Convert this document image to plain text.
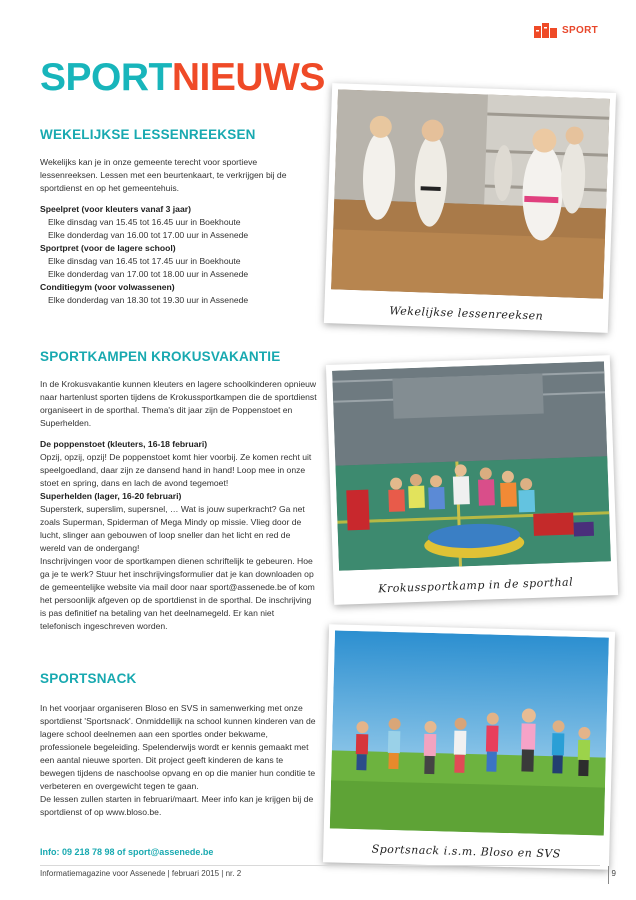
SPORT
SPORTNIEUWS
WEKELIJKSE LESSENREEKSEN

Wekelijks kan je in onze gemeente terecht voor sportieve lessenreeksen. Lessen met een beurtenkaart, te verkrijgen bij de sportdienst en op het gemeentehuis.

Speelpret (voor kleuters vanaf 3 jaar)

Elke dinsdag van 15.45 tot 16.45 uur in Boekhoute

Elke donderdag van 16.00 tot 17.00 uur in Assenede

Sportpret (voor de lagere school)

Elke dinsdag van 16.45 tot 17.45 uur in Boekhoute

Elke donderdag van 17.00 tot 18.00 uur in Assenede

Conditiegym (voor volwassenen)

Elke donderdag van 18.30 tot 19.30 uur in Assenede

SPORTKAMPEN KROKUSVAKANTIE

In de Krokusvakantie kunnen kleuters en lagere schoolkinderen opnieuw naar hartenlust sporten tijdens de Krokussportkampen die de sportdienst organiseert in de sporthal. Thema's dit jaar zijn de Poppenstoet en Superhelden.

De poppenstoet (kleuters, 16-18 februari)

Opzij, opzij, opzij! De poppenstoet komt hier voorbij. Ze komen recht uit speelgoedland, daar zijn ze dansend hand in hand! Loop mee in onze stoet en spring, dans en lach de avond tegemoet!

Superhelden (lager, 16-20 februari)

Supersterk, superslim, supersnel, … Wat is jouw superkracht? Ga net zoals Superman, Spiderman of Mega Mindy op missie. Vlieg door de lucht, slinger aan gebouwen of loop sneller dan het licht en red de wereld van de ondergang!

Inschrijvingen voor de sportkampen dienen schriftelijk te gebeuren. Hoe ga je te werk? Stuur het inschrijvingsformulier dat je kan downloaden op de gemeentelijke website via mail door naar sport@assenede.be of kom het persoonlijk afgeven op de sportdienst in de sporthal. De inschrijving is pas definitief na betaling van het deelnamegeld. Er kan niet telefonisch ingeschreven worden.

SPORTSNACK

In het voorjaar organiseren Bloso en SVS in samenwerking met onze sportdienst 'Sportsnack'. Onmiddellijk na school kunnen kinderen van de lagere school deelnemen aan een sportles onder bekwame, professionele begeleiding. Spelenderwijs wordt er kennis gemaakt met een aantal nieuwe sporten. Dit project geeft kinderen de kans te bewegen tijdens de naschoolse opvang en op die manier hun conditie te verbeteren en overgewicht tegen te gaan.

De lessen zullen starten in februari/maart. Meer info kan je krijgen bij de sportdienst of op www.bloso.be.

Info: 09 218 78 98 of sport@assenede.be
Wekelijkse lessenreeksen
Krokussportkamp in de sporthal
Sportsnack i.s.m. Bloso en SVS
Informatiemagazine voor Assenede | februari 2015 | nr. 2	9
